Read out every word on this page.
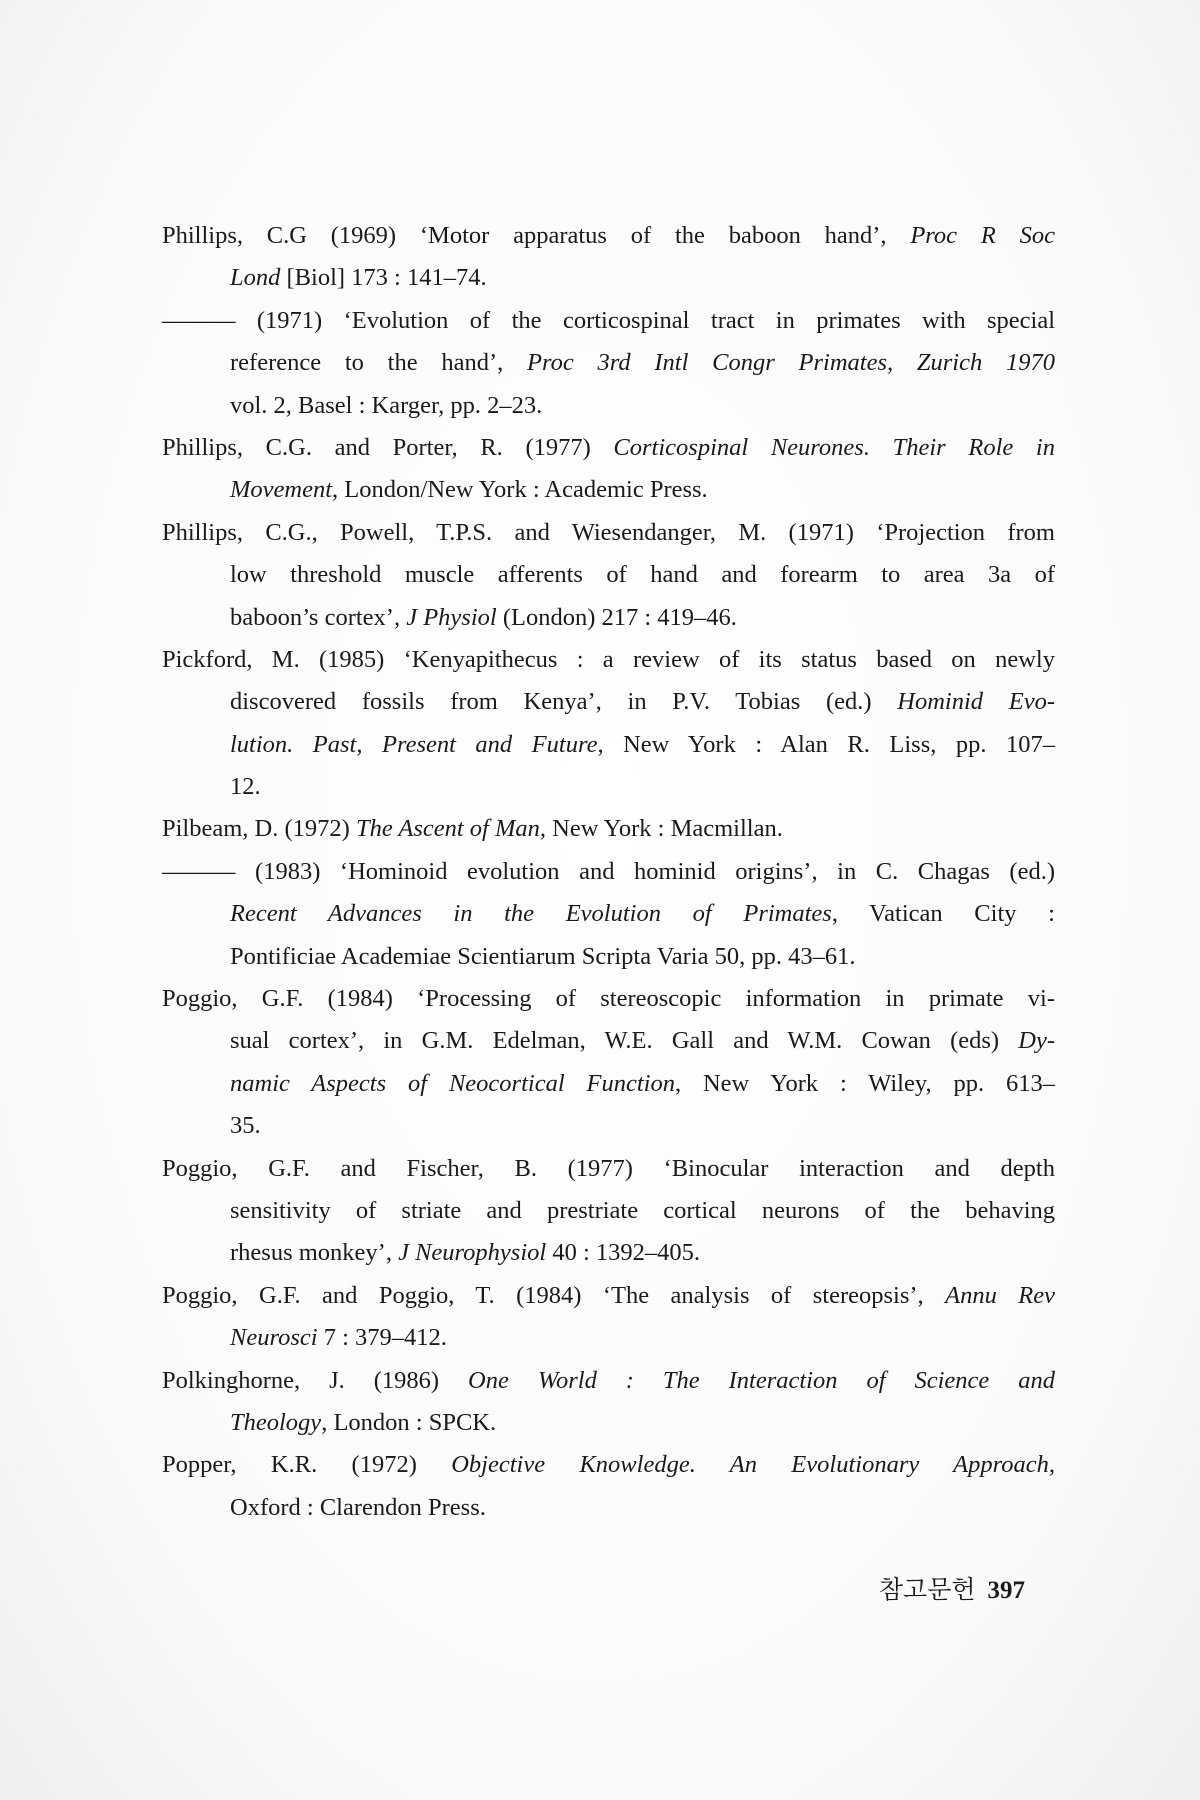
Phillips, C.G (1969) ‘Motor apparatus of the baboon hand’, Proc R Soc
Lond [Biol] 173 : 141–74.
——— (1971) ‘Evolution of the corticospinal tract in primates with special
reference to the hand’, Proc 3rd Intl Congr Primates, Zurich 1970
vol. 2, Basel : Karger, pp. 2–23.
Phillips, C.G. and Porter, R. (1977) Corticospinal Neurones. Their Role in
Movement, London/New York : Academic Press.
Phillips, C.G., Powell, T.P.S. and Wiesendanger, M. (1971) ‘Projection from
low threshold muscle afferents of hand and forearm to area 3a of
baboon’s cortex’, J Physiol (London) 217 : 419–46.
Pickford, M. (1985) ‘Kenyapithecus : a review of its status based on newly
discovered fossils from Kenya’, in P.V. Tobias (ed.) Hominid Evo-
lution. Past, Present and Future, New York : Alan R. Liss, pp. 107–
12.
Pilbeam, D. (1972) The Ascent of Man, New York : Macmillan.
——— (1983) ‘Hominoid evolution and hominid origins’, in C. Chagas (ed.)
Recent Advances in the Evolution of Primates, Vatican City :
Pontificiae Academiae Scientiarum Scripta Varia 50, pp. 43–61.
Poggio, G.F. (1984) ‘Processing of stereoscopic information in primate vi-
sual cortex’, in G.M. Edelman, W.E. Gall and W.M. Cowan (eds) Dy-
namic Aspects of Neocortical Function, New York : Wiley, pp. 613–
35.
Poggio, G.F. and Fischer, B. (1977) ‘Binocular interaction and depth
sensitivity of striate and prestriate cortical neurons of the behaving
rhesus monkey’, J Neurophysiol 40 : 1392–405.
Poggio, G.F. and Poggio, T. (1984) ‘The analysis of stereopsis’, Annu Rev
Neurosci 7 : 379–412.
Polkinghorne, J. (1986) One World : The Interaction of Science and
Theology, London : SPCK.
Popper, K.R. (1972) Objective Knowledge. An Evolutionary Approach,
Oxford : Clarendon Press.
참고문헌 397
